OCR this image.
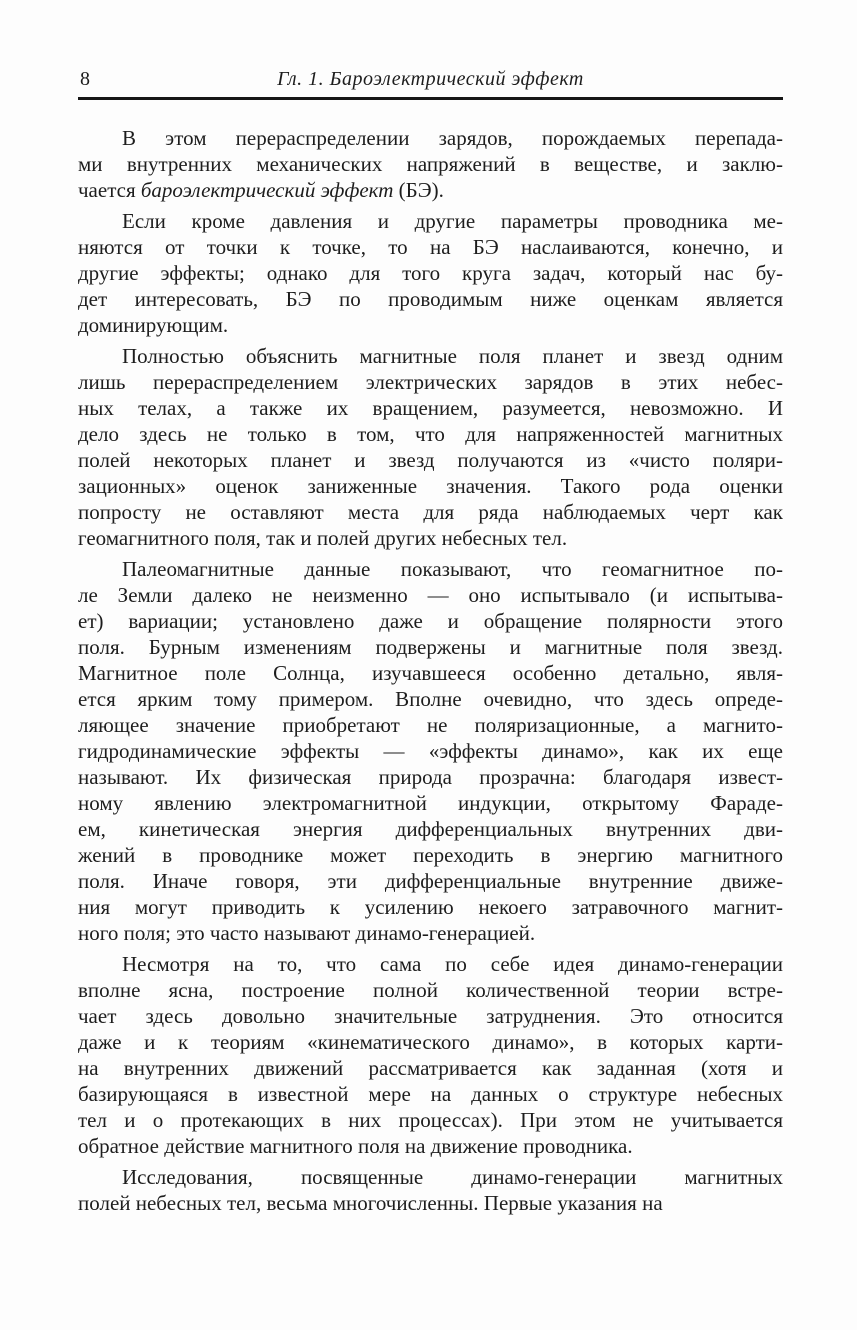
8	Гл. 1. Бароэлектрический эффект

В этом перераспределении зарядов, порождаемых перепада-
ми внутренних механических напряжений в веществе, и заклю-
чается бароэлектрический эффект (БЭ).

Если кроме давления и другие параметры проводника ме-
няются от точки к точке, то на БЭ наслаиваются, конечно, и
другие эффекты; однако для того круга задач, который нас бу-
дет интересовать, БЭ по проводимым ниже оценкам является
доминирующим.

Полностью объяснить магнитные поля планет и звезд одним
лишь перераспределением электрических зарядов в этих небес-
ных телах, а также их вращением, разумеется, невозможно. И
дело здесь не только в том, что для напряженностей магнитных
полей некоторых планет и звезд получаются из «чисто поляри-
зационных» оценок заниженные значения. Такого рода оценки
попросту не оставляют места для ряда наблюдаемых черт как
геомагнитного поля, так и полей других небесных тел.

Палеомагнитные данные показывают, что геомагнитное по-
ле Земли далеко не неизменно — оно испытывало (и испытыва-
ет) вариации; установлено даже и обращение полярности этого
поля. Бурным изменениям подвержены и магнитные поля звезд.
Магнитное поле Солнца, изучавшееся особенно детально, явля-
ется ярким тому примером. Вполне очевидно, что здесь опреде-
ляющее значение приобретают не поляризационные, а магнито-
гидродинамические эффекты — «эффекты динамо», как их еще
называют. Их физическая природа прозрачна: благодаря извест-
ному явлению электромагнитной индукции, открытому Фараде-
ем, кинетическая энергия дифференциальных внутренних дви-
жений в проводнике может переходить в энергию магнитного
поля. Иначе говоря, эти дифференциальные внутренние движе-
ния могут приводить к усилению некоего затравочного магнит-
ного поля; это часто называют динамо-генерацией.

Несмотря на то, что сама по себе идея динамо-генерации
вполне ясна, построение полной количественной теории встре-
чает здесь довольно значительные затруднения. Это относится
даже и к теориям «кинематического динамо», в которых карти-
на внутренних движений рассматривается как заданная (хотя и
базирующаяся в известной мере на данных о структуре небесных
тел и о протекающих в них процессах). При этом не учитывается
обратное действие магнитного поля на движение проводника.

Исследования, посвященные динамо-генерации магнитных
полей небесных тел, весьма многочисленны. Первые указания на
